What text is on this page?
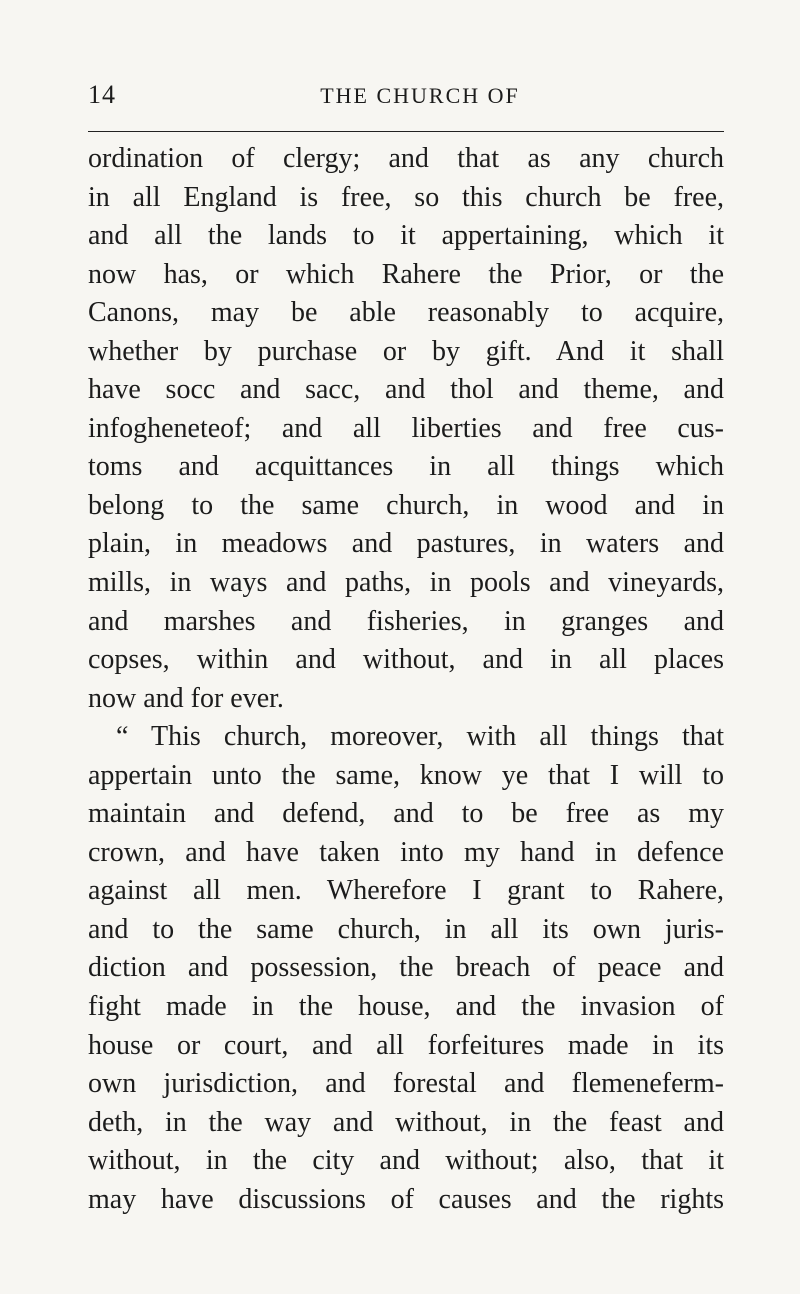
14	THE CHURCH OF
ordination of clergy; and that as any church
in all England is free, so this church be free,
and all the lands to it appertaining, which it
now has, or which Rahere the Prior, or the
Canons, may be able reasonably to acquire,
whether by purchase or by gift. And it shall
have socc and sacc, and thol and theme, and
infogheneteof; and all liberties and free cus-
toms and acquittances in all things which
belong to the same church, in wood and in
plain, in meadows and pastures, in waters and
mills, in ways and paths, in pools and vineyards,
and marshes and fisheries, in granges and
copses, within and without, and in all places
now and for ever.
“ This church, moreover, with all things that
appertain unto the same, know ye that I will to
maintain and defend, and to be free as my
crown, and have taken into my hand in defence
against all men. Wherefore I grant to Rahere,
and to the same church, in all its own juris-
diction and possession, the breach of peace and
fight made in the house, and the invasion of
house or court, and all forfeitures made in its
own jurisdiction, and forestal and flemeneferm-
deth, in the way and without, in the feast and
without, in the city and without; also, that it
may have discussions of causes and the rights
